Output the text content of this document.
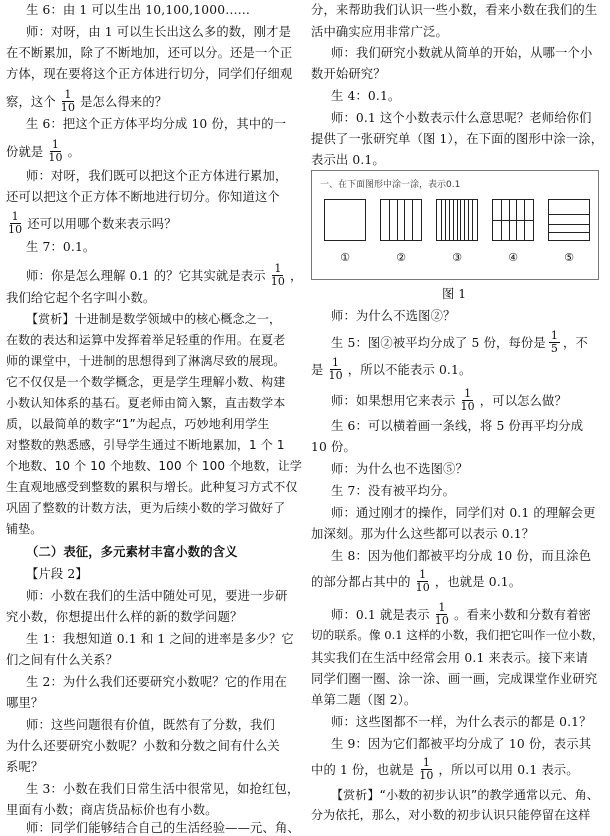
生 6：由 1 可以生出 10,100,1000……
师：对呀，由 1 可以生长出这么多的数，刚才是
在不断累加，除了不断地加，还可以分。还是一个正
方体，现在要将这个正方体进行切分，同学们仔细观
察，这个 $\frac{1}{10}$ 是怎么得来的？
生 6：把这个正方体平均分成 10 份，其中的一
份就是 $\frac{1}{10}$ 。
师：对呀，我们既可以把这个正方体进行累加，
还可以把这个正方体不断地进行切分。你知道这个
$\frac{1}{10}$ 还可以用哪个数来表示吗？
生 7：0.1。
师：你是怎么理解 0.1 的？它其实就是表示 $\frac{1}{10}$ ，
我们给它起个名字叫小数。
【赏析】十进制是数学领域中的核心概念之一，
在数的表达和运算中发挥着举足轻重的作用。在夏老
师的课堂中，十进制的思想得到了淋漓尽致的展现。
它不仅仅是一个数学概念，更是学生理解小数、构建
小数认知体系的基石。夏老师由简入繁，直击数学本
质，以最简单的数字“1”为起点，巧妙地利用学生
对整数的熟悉感，引导学生通过不断地累加，1 个 1
个地数、10 个 10 个地数、100 个 100 个地数，让学
生直观地感受到整数的累积与增长。此种复习方式不仅
巩固了整数的计数方法，更为后续小数的学习做好了
铺垫。
（二）表征，多元素材丰富小数的含义
【片段 2】
师：小数在我们的生活中随处可见，要进一步研
究小数，你想提出什么样的新的数学问题？
生 1：我想知道 0.1 和 1 之间的进率是多少？它
们之间有什么关系？
生 2：为什么我们还要研究小数呢？它的作用在
哪里？
师：这些问题很有价值，既然有了分数，我们
为什么还要研究小数呢？小数和分数之间有什么关
系呢？
生 3：小数在我们日常生活中很常见，如抢红包，
里面有小数；商店货品标价也有小数。
师：同学们能够结合自己的生活经验——元、角、
分，来帮助我们认识一些小数，看来小数在我们的生
活中确实应用非常广泛。
师：我们研究小数就从简单的开始，从哪一个小
数开始研究？
生 4：0.1。
师：0.1 这个小数表示什么意思呢？老师给你们
提供了一张研究单（图 1），在下面的图形中涂一涂，
表示出 0.1。
一、在下面图形中涂一涂，表示0.1
①	②	③	④	⑤
图 1
师：为什么不选图②？
生 5：图②被平均分成了 5 份，每份是 $\frac{1}{5}$ ，不
是 $\frac{1}{10}$ ，所以不能表示 0.1。
师：如果想用它来表示 $\frac{1}{10}$ ，可以怎么做？
生 6：可以横着画一条线，将 5 份再平均分成
10 份。
师：为什么也不选图⑤？
生 7：没有被平均分。
师：通过刚才的操作，同学们对 0.1 的理解会更
加深刻。那为什么这些都可以表示 0.1？
生 8：因为他们都被平均分成 10 份，而且涂色
的部分都占其中的 $\frac{1}{10}$ ，也就是 0.1。
师：0.1 就是表示 $\frac{1}{10}$ 。看来小数和分数有着密
切的联系。像 0.1 这样的小数，我们把它叫作一位小数，
其实我们在生活中经常会用 0.1 来表示。接下来请
同学们圈一圈、涂一涂、画一画，完成课堂作业研究
单第二题（图 2）。
师：这些图都不一样，为什么表示的都是 0.1？
生 9：因为它们都被平均分成了 10 份，表示其
中的 1 份，也就是 $\frac{1}{10}$ ，所以可以用 0.1 表示。
【赏析】“小数的初步认识”的教学通常以元、角、
分为依托，那么，对小数的初步认识只能停留在这样
